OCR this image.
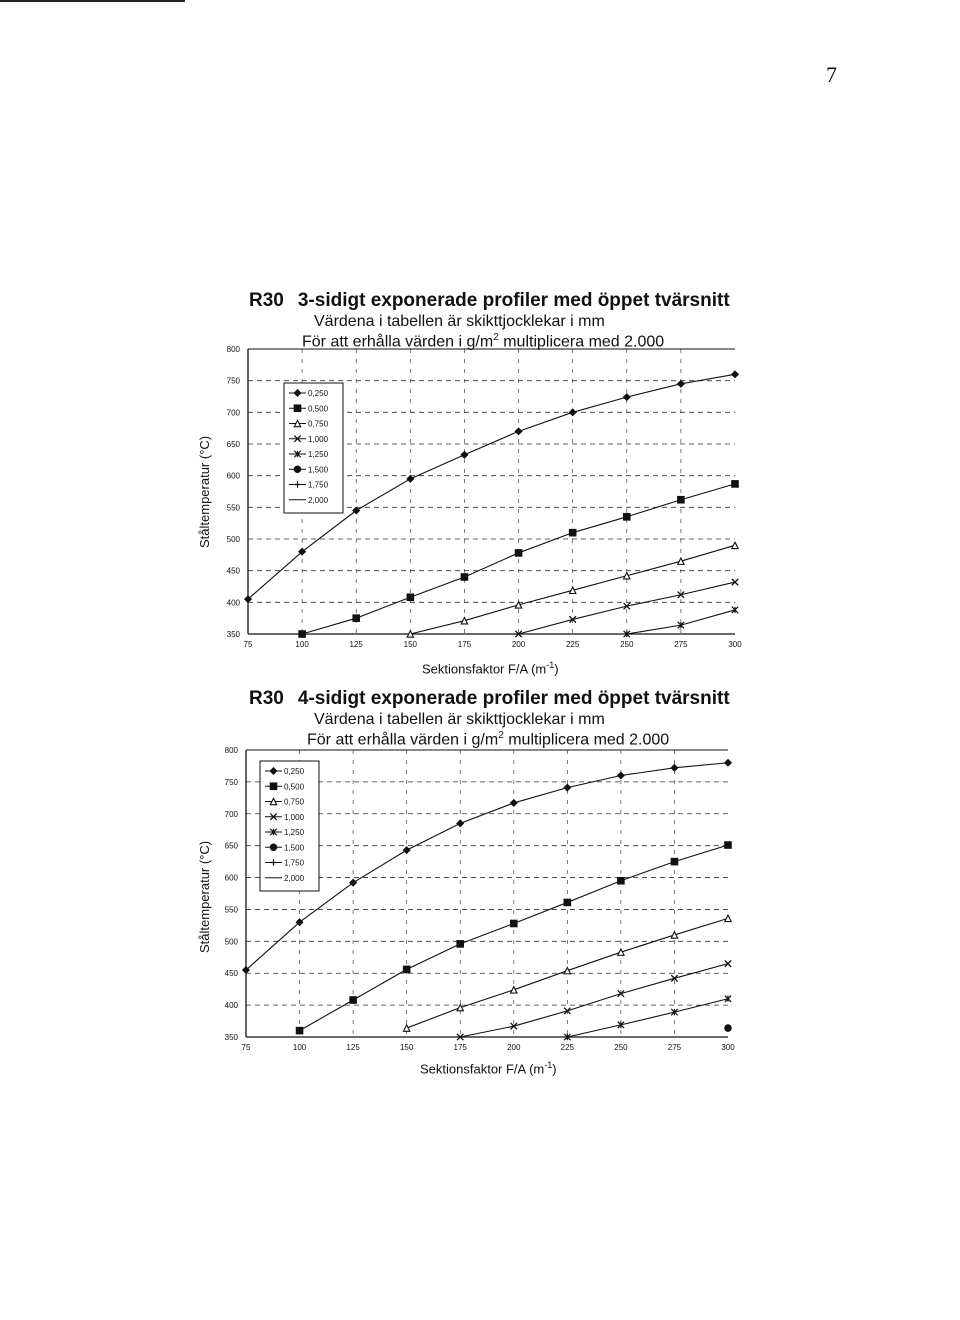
7
R30 3-sidigt exponerade profiler med öppet tvärsnitt
Värdena i tabellen är skikttjocklekar i mm
För att erhålla värden i $g/m^2$ multiplicera med 2.000
Ståltemperatur (°C)
350
400
450
500
550
600
650
700
750
800
75	100	125	150	175	200	225	250	275	300
0,250
0,500
0,750
1,000
1,250
1,500
1,750
2,000
Sektionsfaktor F/A $(m^{-1})$
R30 4-sidigt exponerade profiler med öppet tvärsnitt
Värdena i tabellen är skikttjocklekar i mm
För att erhålla värden i $g/m^2$ multiplicera med 2.000
Ståltemperatur (°C)
350
400
450
500
550
600
650
700
750
800
75	100	125	150	175	200	225	250	275	300
0,250
0,500
0,750
1,000
1,250
1,500
1,750
2,000
Sektionsfaktor F/A $(m^{-1})$
